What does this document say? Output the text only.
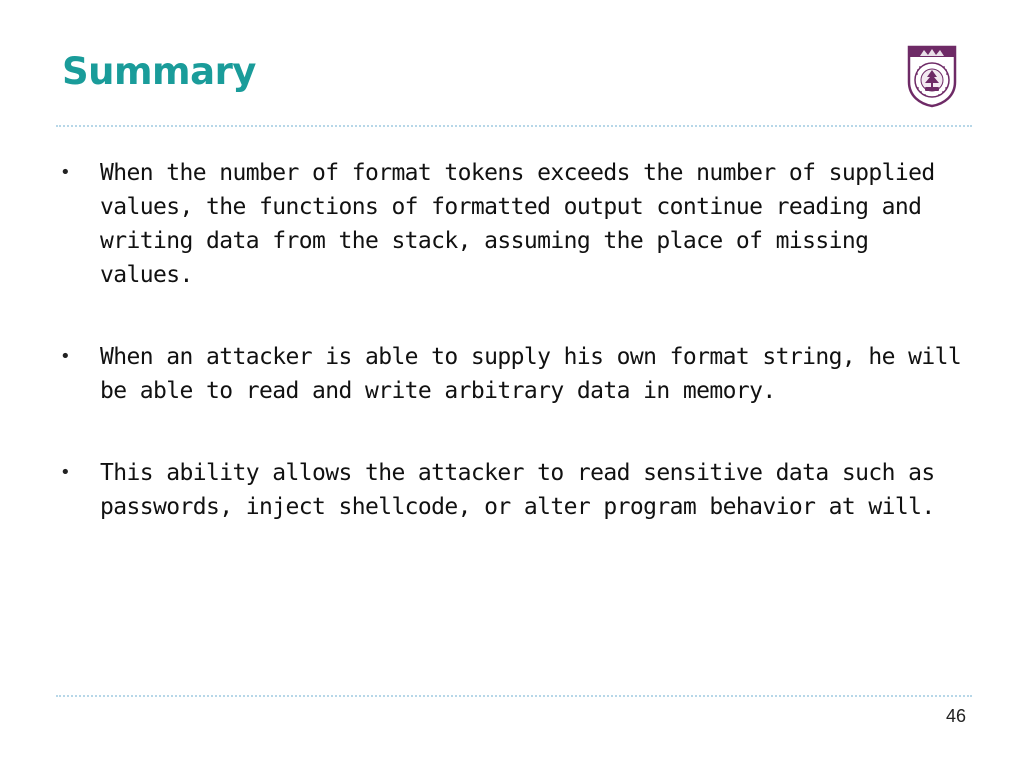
Summary
• When the number of format tokens exceeds the number of supplied values, the functions of formatted output continue reading and writing data from the stack, assuming the place of missing values.
• When an attacker is able to supply his own format string, he will be able to read and write arbitrary data in memory.
• This ability allows the attacker to read sensitive data such as passwords, inject shellcode, or alter program behavior at will.
46
